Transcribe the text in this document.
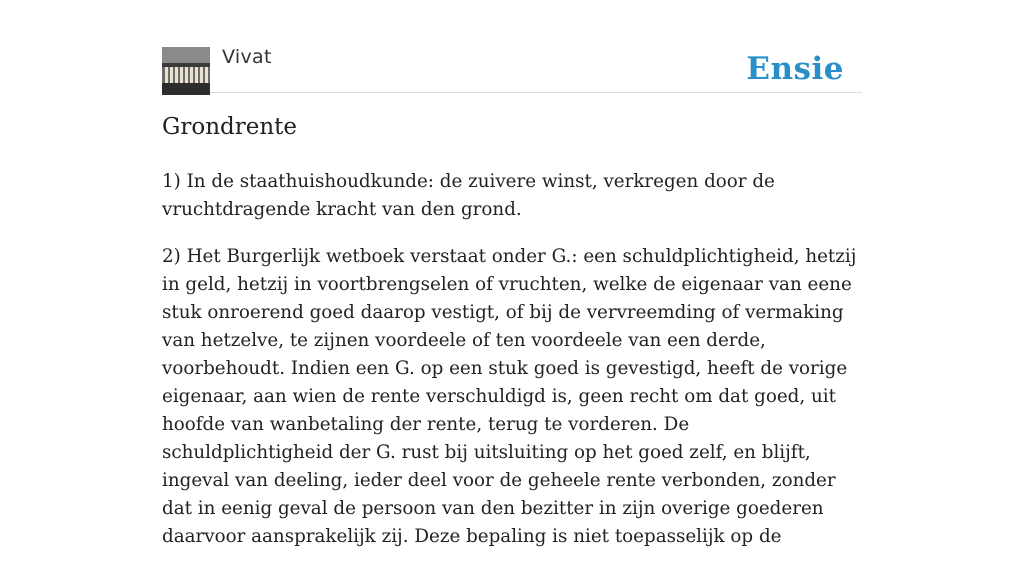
Vivat	Ensie
Grondrente

1) In de staathuishoudkunde: de zuivere winst, verkregen door de vruchtdragende kracht van den grond.

2) Het Burgerlijk wetboek verstaat onder G.: een schuldplichtigheid, hetzij in geld, hetzij in voortbrengselen of vruchten, welke de eigenaar van eene stuk onroerend goed daarop vestigt, of bij de vervreemding of vermaking van hetzelve, te zijnen voordeele of ten voordeele van een derde, voorbehoudt. Indien een G. op een stuk goed is gevestigd, heeft de vorige eigenaar, aan wien de rente verschuldigd is, geen recht om dat goed, uit hoofde van wanbetaling der rente, terug te vorderen. De schuldplichtigheid der G. rust bij uitsluiting op het goed zelf, en blijft, ingeval van deeling, ieder deel voor de geheele rente verbonden, zonder dat in eenig geval de persoon van den bezitter in zijn overige goederen daarvoor aansprakelijk zij. Deze bepaling is niet toepasselijk op de
